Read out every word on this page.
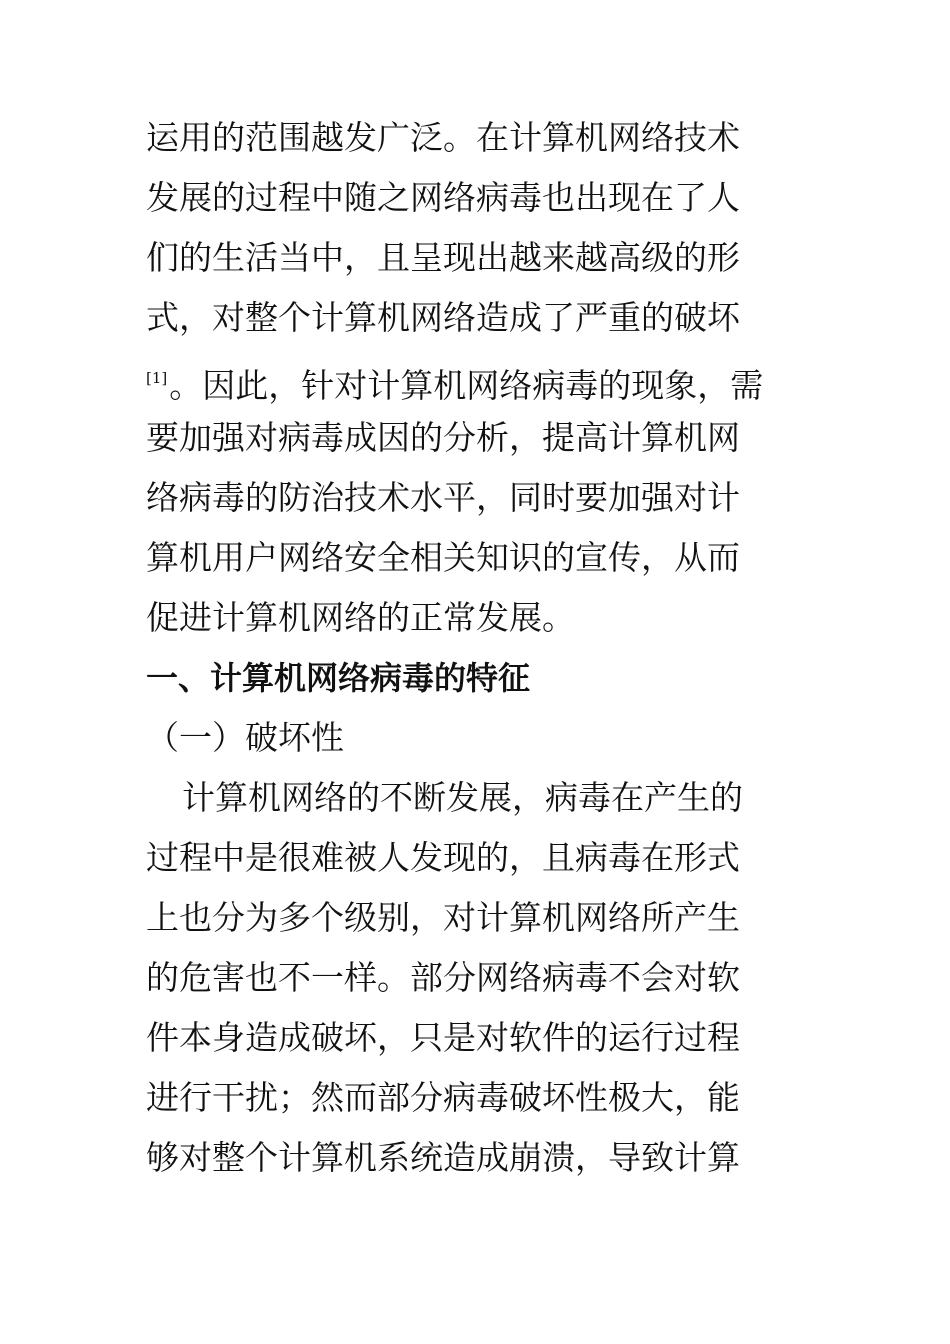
运用的范围越发广泛。在计算机网络技术
发展的过程中随之网络病毒也出现在了人
们的生活当中，且呈现出越来越高级的形
式，对整个计算机网络造成了严重的破坏
[1]。因此，针对计算机网络病毒的现象，需
要加强对病毒成因的分析，提高计算机网
络病毒的防治技术水平，同时要加强对计
算机用户网络安全相关知识的宣传，从而
促进计算机网络的正常发展。
一、计算机网络病毒的特征
（一）破坏性
计算机网络的不断发展，病毒在产生的
过程中是很难被人发现的，且病毒在形式
上也分为多个级别，对计算机网络所产生
的危害也不一样。部分网络病毒不会对软
件本身造成破坏，只是对软件的运行过程
进行干扰；然而部分病毒破坏性极大，能
够对整个计算机系统造成崩溃，导致计算
